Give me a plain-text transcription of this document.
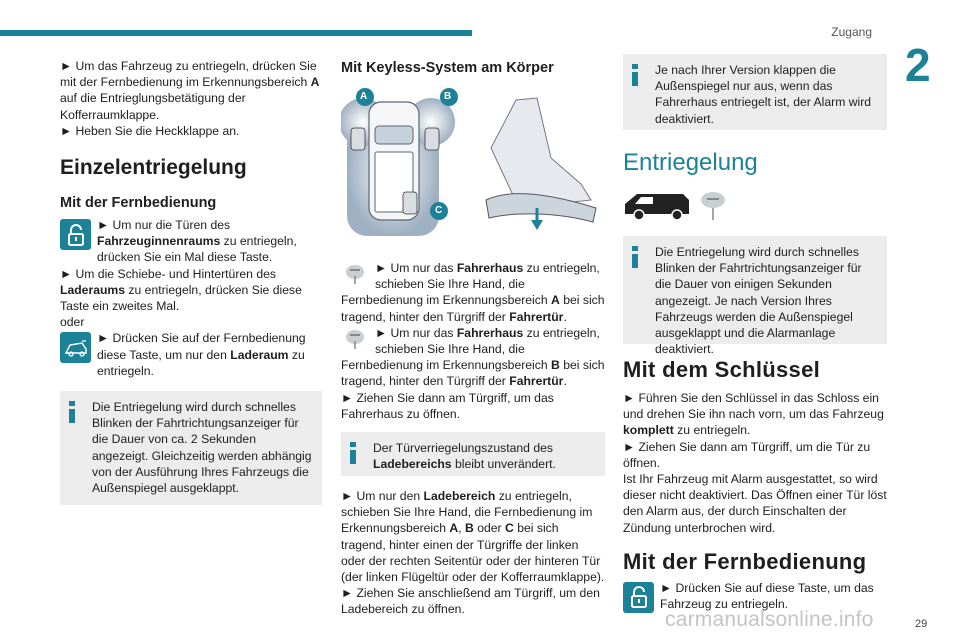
Zugang
2
29
carmanualsonline.info

► Um das Fahrzeug zu entriegeln, drücken Sie mit der Fernbedienung im Erkennungsbereich A auf die Entrieglungsbetätigung der Kofferraumklappe.

► Heben Sie die Heckklappe an.

Einzelentriegelung
Mit der Fernbedienung
► Um nur die Türen des Fahrzeuginnenraums zu entriegeln, drücken Sie ein Mal diese Taste.

► Um die Schiebe- und Hintertüren des Laderaums zu entriegeln, drücken Sie diese Taste ein zweites Mal.

oder

► Drücken Sie auf der Fernbedienung diese Taste, um nur den Laderaum zu entriegeln.
Die Entriegelung wird durch schnelles Blinken der Fahrtrichtungsanzeiger für die Dauer von ca. 2 Sekunden angezeigt. Gleichzeitig werden abhängig von der Ausführung Ihres Fahrzeugs die Außenspiegel ausgeklappt.
Mit Keyless-System am Körper
A	B
C
► Um nur das Fahrerhaus zu entriegeln, schieben Sie Ihre Hand, die Fernbedienung im Erkennungsbereich A bei sich tragend, hinter den Türgriff der Fahrertür.
► Um nur das Fahrerhaus zu entriegeln, schieben Sie Ihre Hand, die Fernbedienung im Erkennungsbereich B bei sich tragend, hinter den Türgriff der Fahrertür.

► Ziehen Sie dann am Türgriff, um das Fahrerhaus zu öffnen.

Der Türverriegelungszustand des Ladebereichs bleibt unverändert.

► Um nur den Ladebereich zu entriegeln, schieben Sie Ihre Hand, die Fernbedienung im Erkennungsbereich A, B oder C bei sich tragend, hinter einen der Türgriffe der linken oder der rechten Seitentür oder der hinteren Tür (der linken Flügeltür oder der Kofferraumklappe).

► Ziehen Sie anschließend am Türgriff, um den Ladebereich zu öffnen.

Je nach Ihrer Version klappen die Außenspiegel nur aus, wenn das Fahrerhaus entriegelt ist, der Alarm wird deaktiviert.
Entriegelung
Die Entriegelung wird durch schnelles Blinken der Fahrtrichtungsanzeiger für die Dauer von einigen Sekunden angezeigt. Je nach Version Ihres Fahrzeugs werden die Außenspiegel ausgeklappt und die Alarmanlage deaktiviert.
Mit dem Schlüssel

► Führen Sie den Schlüssel in das Schloss ein und drehen Sie ihn nach vorn, um das Fahrzeug komplett zu entriegeln.

► Ziehen Sie dann am Türgriff, um die Tür zu öffnen.

Ist Ihr Fahrzeug mit Alarm ausgestattet, so wird dieser nicht deaktiviert. Das Öffnen einer Tür löst den Alarm aus, der durch Einschalten der Zündung unterbrochen wird.

Mit der Fernbedienung
► Drücken Sie auf diese Taste, um das Fahrzeug zu entriegeln.
